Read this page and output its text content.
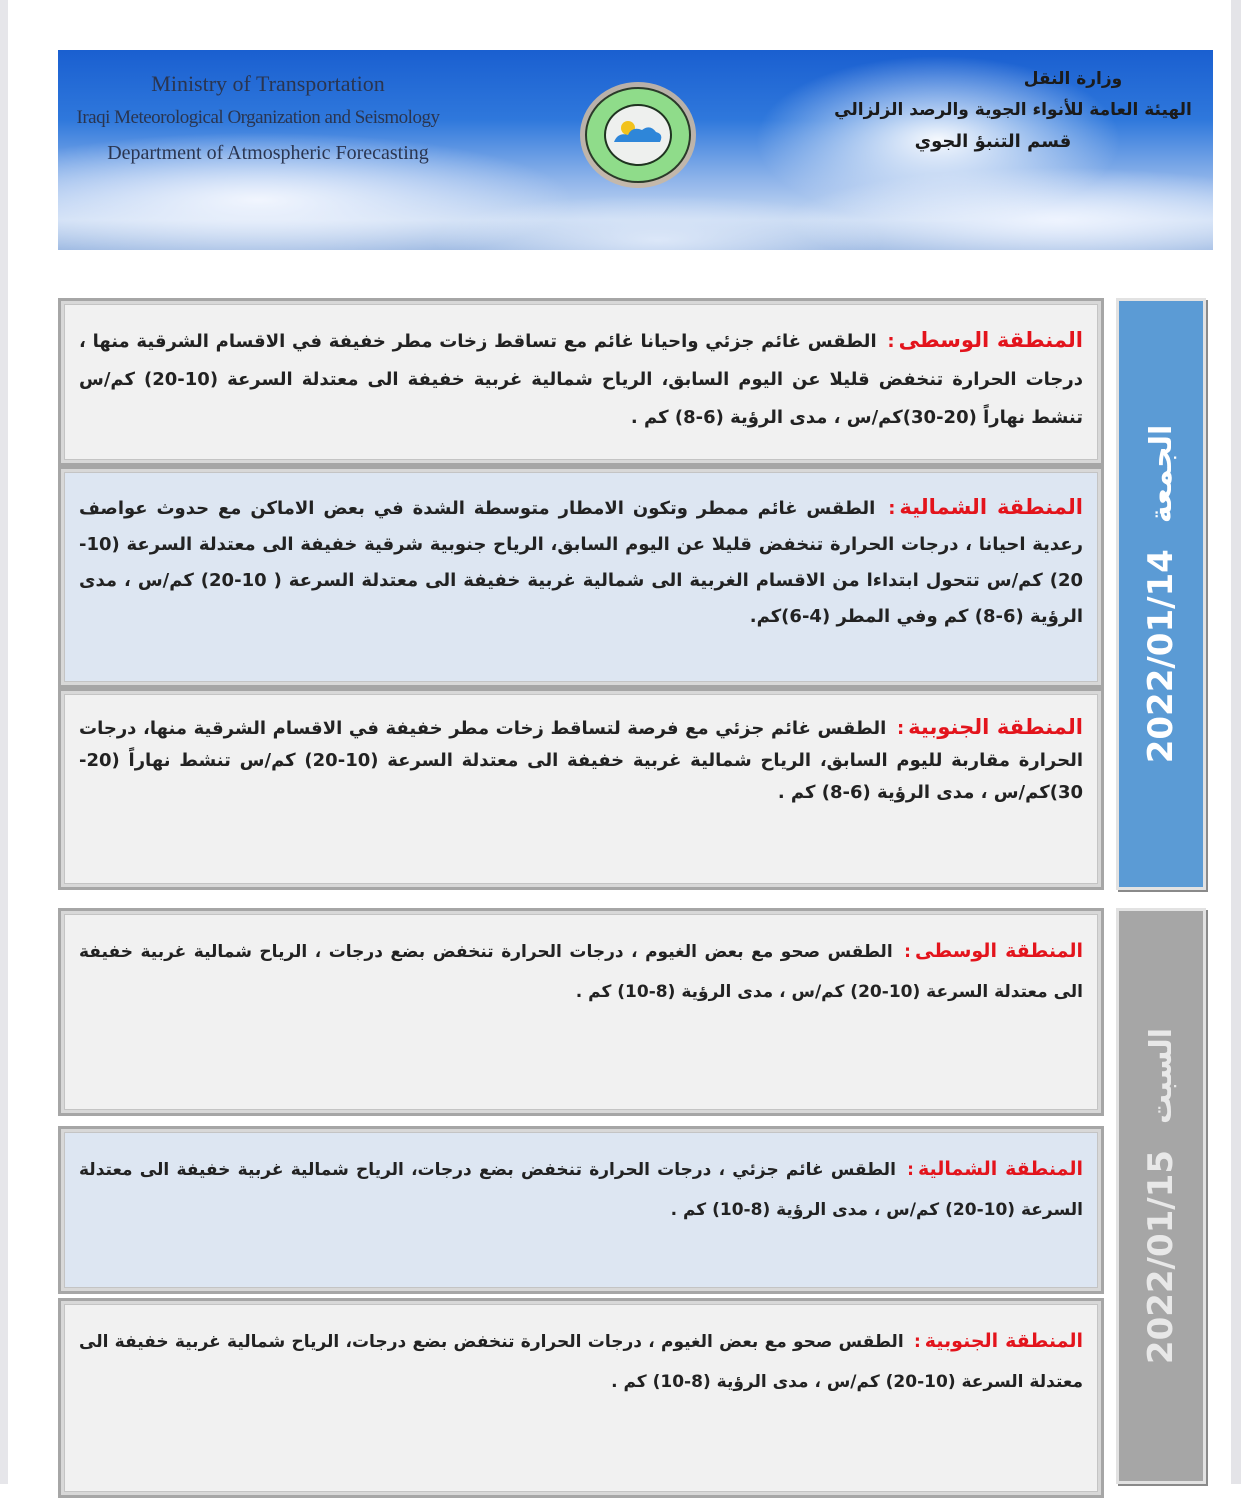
Ministry of Transportation
Iraqi Meteorological Organization and Seismology
Department of Atmospheric Forecasting
وزارة النقل
الهيئة العامة للأنواء الجوية والرصد الزلزالي
قسم التنبؤ الجوي
المنطقة الوسطى: الطقس غائم جزئي واحيانا غائم مع تساقط زخات مطر خفيفة في الاقسام الشرقية منها ، درجات الحرارة تنخفض قليلا عن اليوم السابق، الرياح شمالية غربية خفيفة الى معتدلة السرعة (10-20) كم/س تنشط نهاراً (20-30)كم/س ، مدى الرؤية (6-8) كم .
المنطقة الشمالية: الطقس غائم ممطر وتكون الامطار متوسطة الشدة في بعض الاماكن مع حدوث عواصف رعدية احيانا ، درجات الحرارة تنخفض قليلا عن اليوم السابق، الرياح جنوبية شرقية خفيفة الى معتدلة السرعة (10-20) كم/س تتحول ابتداءا من الاقسام الغربية الى شمالية غربية خفيفة الى معتدلة السرعة ( 10-20) كم/س ، مدى الرؤية (6-8) كم وفي المطر (4-6)كم.
المنطقة الجنوبية: الطقس غائم جزئي مع فرصة لتساقط زخات مطر خفيفة في الاقسام الشرقية منها، درجات الحرارة مقاربة لليوم السابق، الرياح شمالية غربية خفيفة الى معتدلة السرعة (10-20) كم/س تنشط نهاراً (20-30)كم/س ، مدى الرؤية (6-8) كم .
2022/01/14
الجمعة
المنطقة الوسطى: الطقس صحو مع بعض الغيوم ، درجات الحرارة تنخفض بضع درجات ، الرياح شمالية غربية خفيفة الى معتدلة السرعة (10-20) كم/س ، مدى الرؤية (8-10) كم .
المنطقة الشمالية: الطقس غائم جزئي ، درجات الحرارة تنخفض بضع درجات، الرياح شمالية غربية خفيفة الى معتدلة السرعة (10-20) كم/س ، مدى الرؤية (8-10) كم .
المنطقة الجنوبية: الطقس صحو مع بعض الغيوم ، درجات الحرارة تنخفض بضع درجات، الرياح شمالية غربية خفيفة الى معتدلة السرعة (10-20) كم/س ، مدى الرؤية (8-10) كم .
2022/01/15
السبت
